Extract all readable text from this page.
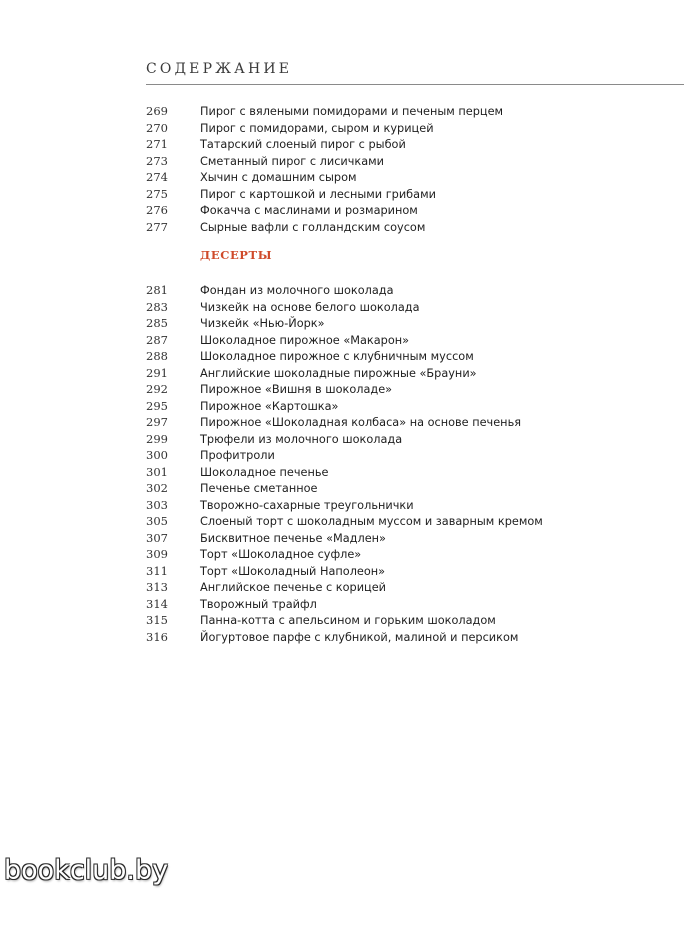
СОДЕРЖАНИЕ
269	Пирог с вялеными помидорами и печеным перцем
270	Пирог с помидорами, сыром и курицей
271	Татарский слоеный пирог с рыбой
273	Сметанный пирог с лисичками
274	Хычин с домашним сыром
275	Пирог с картошкой и лесными грибами
276	Фокачча с маслинами и розмарином
277	Сырные вафли с голландским соусом
ДЕСЕРТЫ
281	Фондан из молочного шоколада
283	Чизкейк на основе белого шоколада
285	Чизкейк «Нью-Йорк»
287	Шоколадное пирожное «Макарон»
288	Шоколадное пирожное с клубничным муссом
291	Английские шоколадные пирожные «Брауни»
292	Пирожное «Вишня в шоколаде»
295	Пирожное «Картошка»
297	Пирожное «Шоколадная колбаса» на основе печенья
299	Трюфели из молочного шоколада
300	Профитроли
301	Шоколадное печенье
302	Печенье сметанное
303	Творожно-сахарные треугольнички
305	Слоеный торт с шоколадным муссом и заварным кремом
307	Бисквитное печенье «Мадлен»
309	Торт «Шоколадное суфле»
311	Торт «Шоколадный Наполеон»
313	Английское печенье с корицей
314	Творожный трайфл
315	Панна-котта с апельсином и горьким шоколадом
316	Йогуртовое парфе с клубникой, малиной и персиком
bookclub.by
